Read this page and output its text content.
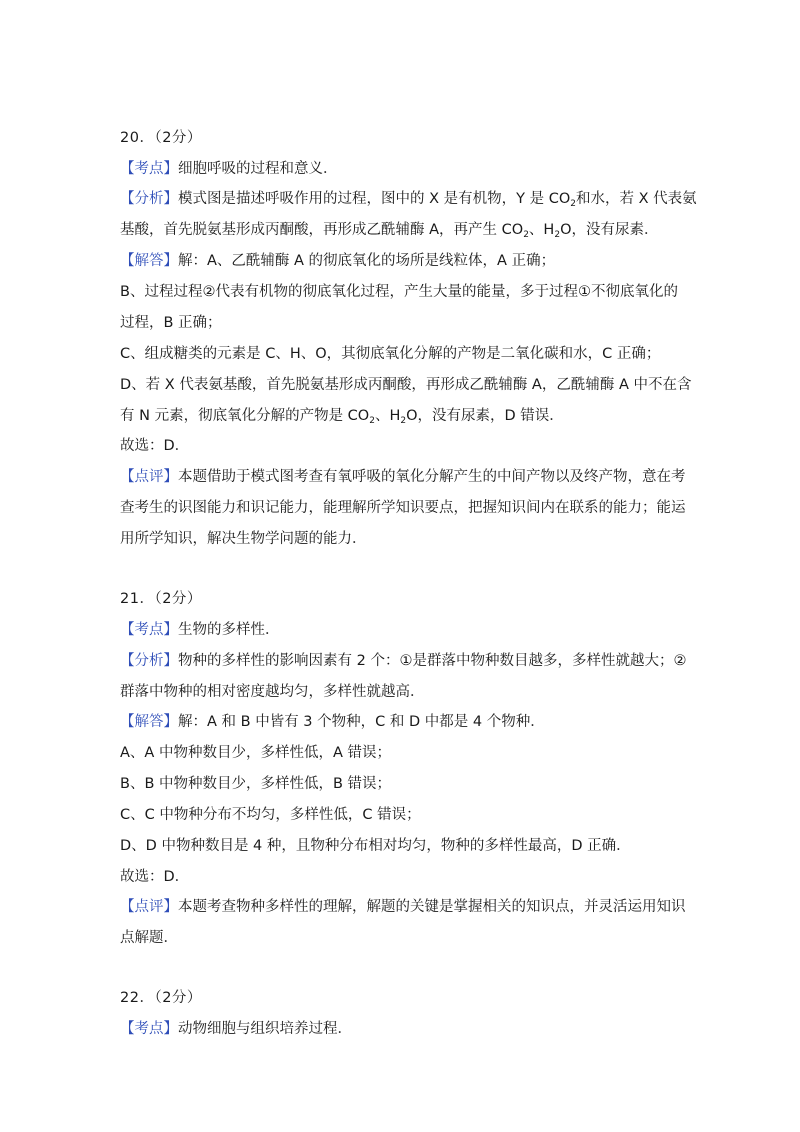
20．（2分）
【考点】细胞呼吸的过程和意义．
【分析】模式图是描述呼吸作用的过程，图中的 X 是有机物，Y 是 $CO_2$和水，若 X 代表氨
基酸，首先脱氨基形成丙酮酸，再形成乙酰辅酶 A，再产生 $CO_2$、$H_2O$，没有尿素．
【解答】解：A、乙酰辅酶 A 的彻底氧化的场所是线粒体，A 正确；
B、过程过程②代表有机物的彻底氧化过程，产生大量的能量，多于过程①不彻底氧化的
过程，B 正确；
C、组成糖类的元素是 C、H、O，其彻底氧化分解的产物是二氧化碳和水，C 正确；
D、若 X 代表氨基酸，首先脱氨基形成丙酮酸，再形成乙酰辅酶 A，乙酰辅酶 A 中不在含
有 N 元素，彻底氧化分解的产物是 $CO_2$、$H_2O$，没有尿素，D 错误．
故选：D．
【点评】本题借助于模式图考查有氧呼吸的氧化分解产生的中间产物以及终产物，意在考
查考生的识图能力和识记能力，能理解所学知识要点，把握知识间内在联系的能力；能运
用所学知识，解决生物学问题的能力．
21．（2分）
【考点】生物的多样性．
【分析】物种的多样性的影响因素有 2 个：①是群落中物种数目越多，多样性就越大；②
群落中物种的相对密度越均匀，多样性就越高．
【解答】解：A 和 B 中皆有 3 个物种，C 和 D 中都是 4 个物种．
A、A 中物种数目少，多样性低，A 错误；
B、B 中物种数目少，多样性低，B 错误；
C、C 中物种分布不均匀，多样性低，C 错误；
D、D 中物种数目是 4 种，且物种分布相对均匀，物种的多样性最高，D 正确．
故选：D．
【点评】本题考查物种多样性的理解，解题的关键是掌握相关的知识点，并灵活运用知识
点解题．
22．（2分）
【考点】动物细胞与组织培养过程．
